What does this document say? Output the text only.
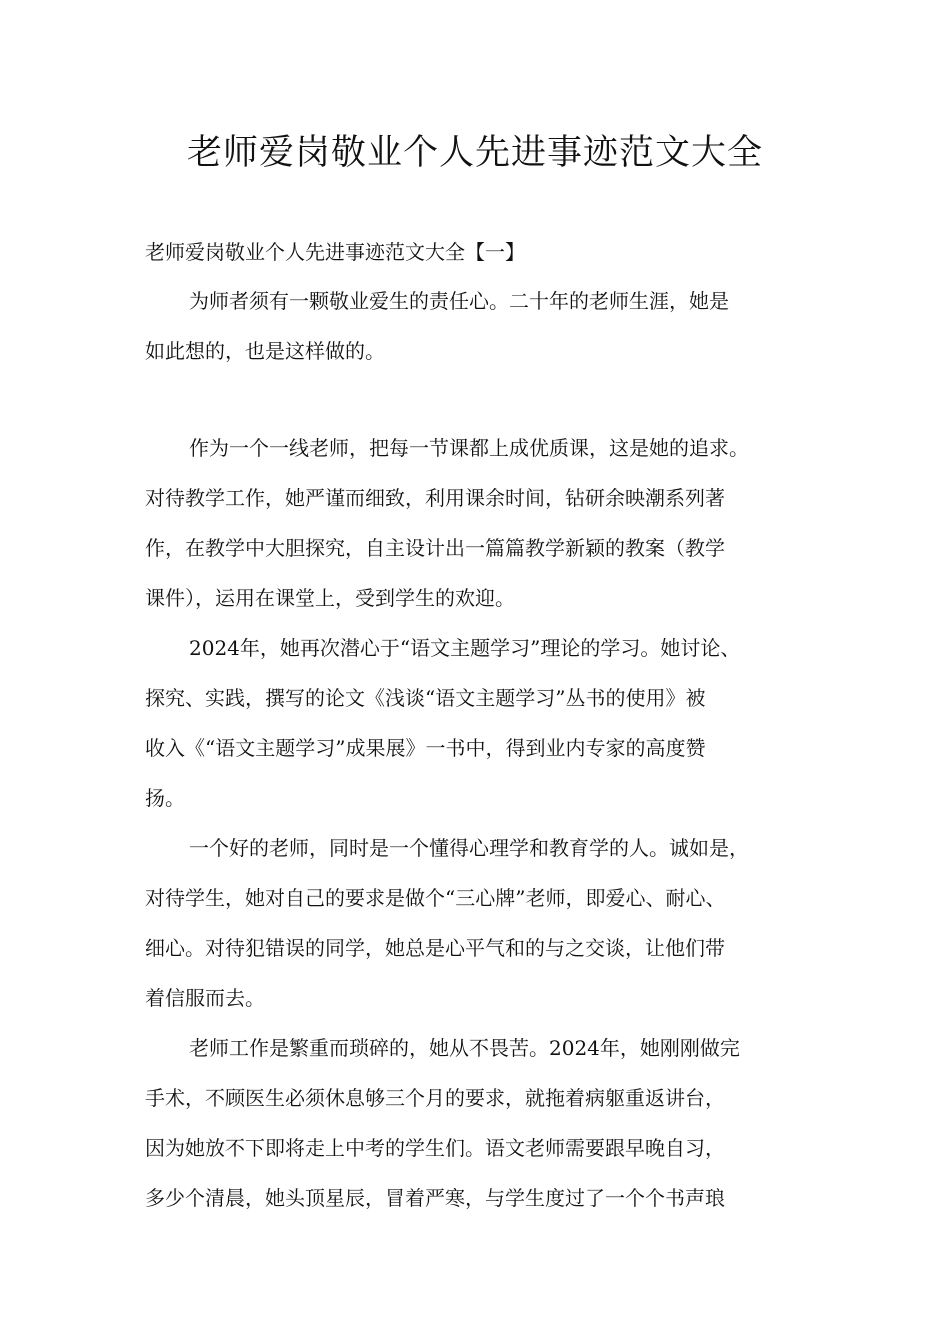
老师爱岗敬业个人先进事迹范文大全

老师爱岗敬业个人先进事迹范文大全【一】

为师者须有一颗敬业爱生的责任心。二十年的老师生涯，她是
如此想的，也是这样做的。
作为一个一线老师，把每一节课都上成优质课，这是她的追求。
对待教学工作，她严谨而细致，利用课余时间，钻研余映潮系列著
作，在教学中大胆探究，自主设计出一篇篇教学新颖的教案（教学
课件），运用在课堂上，受到学生的欢迎。
2024年，她再次潜心于“语文主题学习”理论的学习。她讨论、
探究、实践，撰写的论文《浅谈“语文主题学习”丛书的使用》被
收入《“语文主题学习”成果展》一书中，得到业内专家的高度赞
扬。
一个好的老师，同时是一个懂得心理学和教育学的人。诚如是，
对待学生，她对自己的要求是做个“三心牌”老师，即爱心、耐心、
细心。对待犯错误的同学，她总是心平气和的与之交谈，让他们带
着信服而去。
老师工作是繁重而琐碎的，她从不畏苦。2024年，她刚刚做完
手术，不顾医生必须休息够三个月的要求，就拖着病躯重返讲台，
因为她放不下即将走上中考的学生们。语文老师需要跟早晚自习，
多少个清晨，她头顶星辰，冒着严寒，与学生度过了一个个书声琅
